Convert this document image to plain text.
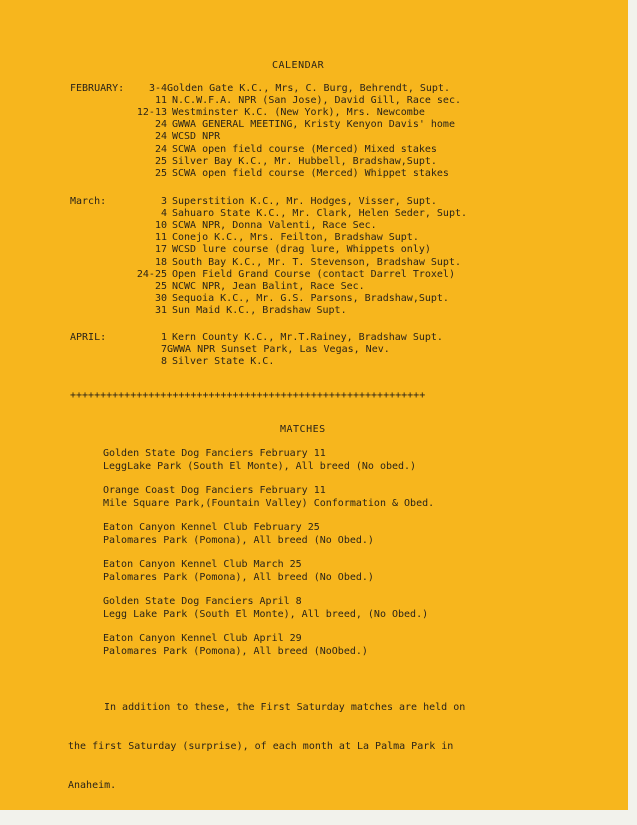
CALENDAR
FEBRUARY: 3-4Golden Gate K.C., Mrs, C. Burg, Behrendt, Supt.
11 N.C.W.F.A. NPR (San Jose), David Gill, Race sec.
12-13 Westminster K.C. (New York), Mrs. Newcombe
24 GWWA GENERAL MEETING, Kristy Kenyon Davis' home
24 WCSD NPR
24 SCWA open field course (Merced) Mixed stakes
25 Silver Bay K.C., Mr. Hubbell, Bradshaw,Supt.
25 SCWA open field course (Merced) Whippet stakes
March:	3 Superstition K.C., Mr. Hodges, Visser, Supt.
4 Sahuaro State K.C., Mr. Clark, Helen Seder, Supt.
10 SCWA NPR, Donna Valenti, Race Sec.
11 Conejo K.C., Mrs. Feilton, Bradshaw Supt.
17 WCSD lure course (drag lure, Whippets only)
18 South Bay K.C., Mr. T. Stevenson, Bradshaw Supt.
24-25 Open Field Grand Course (contact Darrel Troxel)
25 NCWC NPR, Jean Balint, Race Sec.
30 Sequoia K.C., Mr. G.S. Parsons, Bradshaw,Supt.
31 Sun Maid K.C., Bradshaw Supt.
APRIL:	1 Kern County K.C., Mr.T.Rainey, Bradshaw Supt.
7GWWA NPR Sunset Park, Las Vegas, Nev.
8 Silver State K.C.
+++++++++++++++++++++++++++++++++++++++++++++++++++++++++++
MATCHES
Golden State Dog Fanciers February 11
LeggLake Park (South El Monte), All breed (No obed.)
Orange Coast Dog Fanciers February 11
Mile Square Park,(Fountain Valley) Conformation & Obed.
Eaton Canyon Kennel Club February 25
Palomares Park (Pomona), All breed (No Obed.)
Eaton Canyon Kennel Club March 25
Palomares Park (Pomona), All breed (No Obed.)
Golden State Dog Fanciers April 8
Legg Lake Park (South El Monte), All breed, (No Obed.)
Eaton Canyon Kennel Club April 29
Palomares Park (Pomona), All breed (NoObed.)

In addition to these, the First Saturday matches are held on

the first Saturday (surprise), of each month at La Palma Park in

Anaheim.
